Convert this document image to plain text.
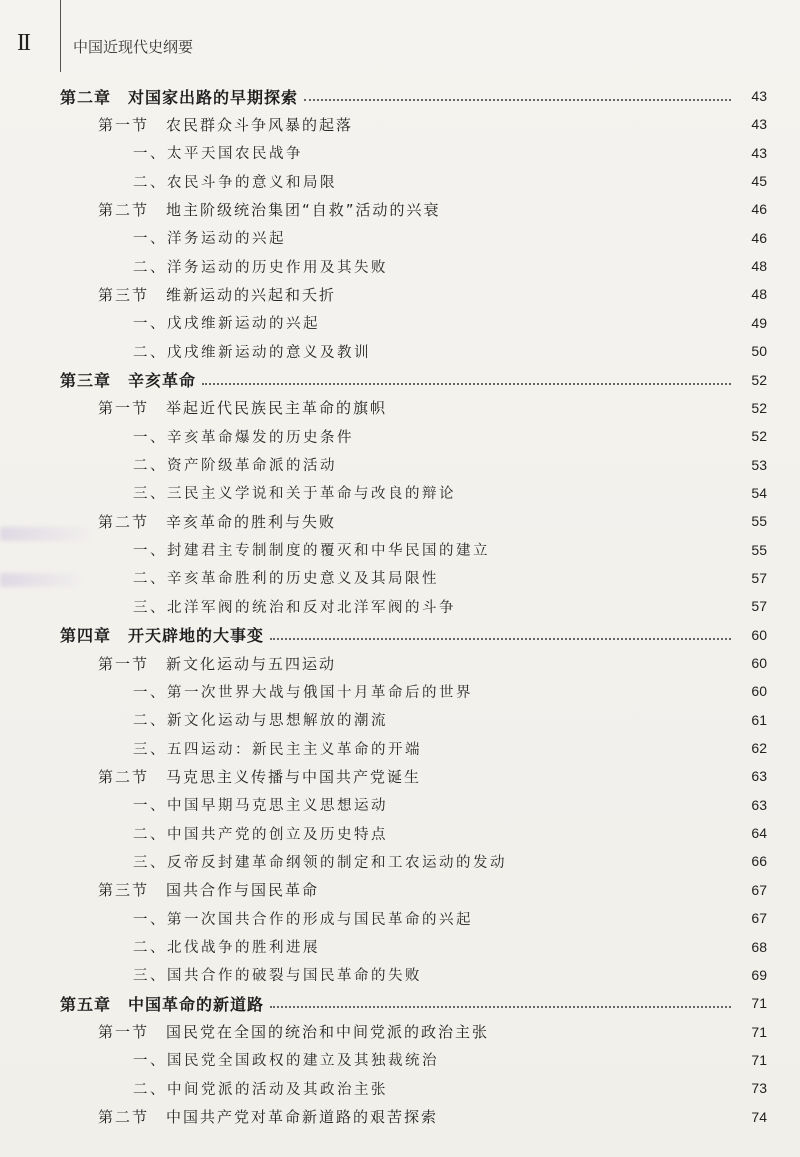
II	中国近现代史纲要
第二章　对国家出路的早期探索	43
第一节　农民群众斗争风暴的起落	43
一、太平天国农民战争	43
二、农民斗争的意义和局限	45
第二节　地主阶级统治集团“自救”活动的兴衰	46
一、洋务运动的兴起	46
二、洋务运动的历史作用及其失败	48
第三节　维新运动的兴起和夭折	48
一、戊戌维新运动的兴起	49
二、戊戌维新运动的意义及教训	50
第三章　辛亥革命	52
第一节　举起近代民族民主革命的旗帜	52
一、辛亥革命爆发的历史条件	52
二、资产阶级革命派的活动	53
三、三民主义学说和关于革命与改良的辩论	54
第二节　辛亥革命的胜利与失败	55
一、封建君主专制制度的覆灭和中华民国的建立	55
二、辛亥革命胜利的历史意义及其局限性	57
三、北洋军阀的统治和反对北洋军阀的斗争	57
第四章　开天辟地的大事变	60
第一节　新文化运动与五四运动	60
一、第一次世界大战与俄国十月革命后的世界	60
二、新文化运动与思想解放的潮流	61
三、五四运动：新民主主义革命的开端	62
第二节　马克思主义传播与中国共产党诞生	63
一、中国早期马克思主义思想运动	63
二、中国共产党的创立及历史特点	64
三、反帝反封建革命纲领的制定和工农运动的发动	66
第三节　国共合作与国民革命	67
一、第一次国共合作的形成与国民革命的兴起	67
二、北伐战争的胜利进展	68
三、国共合作的破裂与国民革命的失败	69
第五章　中国革命的新道路	71
第一节　国民党在全国的统治和中间党派的政治主张	71
一、国民党全国政权的建立及其独裁统治	71
二、中间党派的活动及其政治主张	73
第二节　中国共产党对革命新道路的艰苦探索	74
